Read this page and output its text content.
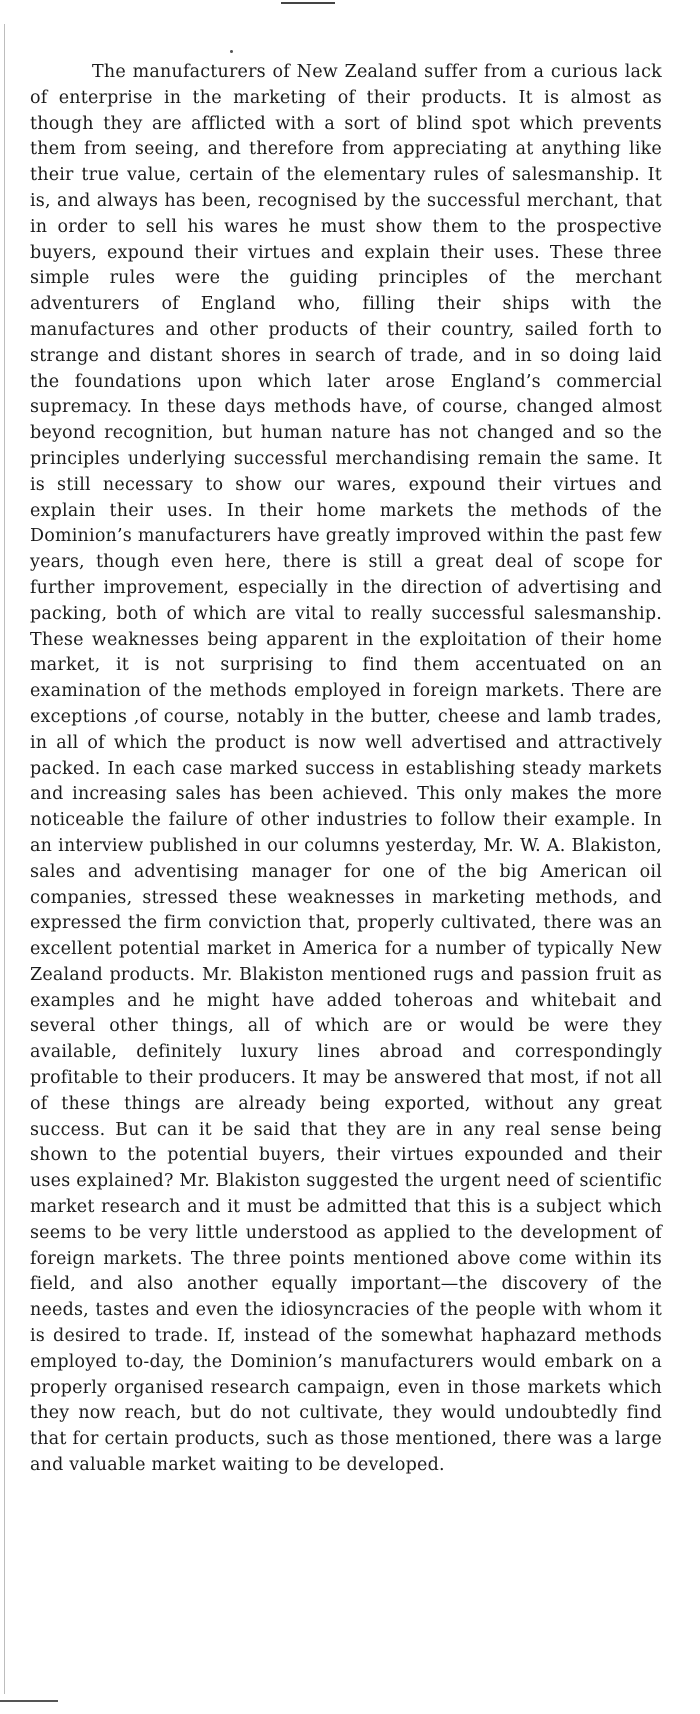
The manufacturers of New Zealand suffer from a curious lack of enterprise in the marketing of their products. It is almost as though they are afflicted with a sort of blind spot which prevents them from seeing, and therefore from appreciating at anything like their true value, certain of the elementary rules of salesmanship. It is, and always has been, recognised by the successful merchant, that in order to sell his wares he must show them to the prospective buyers, expound their virtues and explain their uses. These three simple rules were the guiding principles of the merchant adventurers of England who, filling their ships with the manufactures and other products of their country, sailed forth to strange and distant shores in search of trade, and in so doing laid the foundations upon which later arose England’s commercial supremacy. In these days methods have, of course, changed almost beyond recognition, but human nature has not changed and so the principles underlying successful merchandising remain the same. It is still necessary to show our wares, expound their virtues and explain their uses. In their home markets the methods of the Dominion’s manufacturers have greatly improved within the past few years, though even here, there is still a great deal of scope for further improvement, especially in the direction of advertising and packing, both of which are vital to really successful salesmanship. These weaknesses being apparent in the exploitation of their home market, it is not surprising to find them accentuated on an examination of the methods employed in foreign markets. There are exceptions ,of course, notably in the butter, cheese and lamb trades, in all of which the product is now well advertised and attractively packed. In each case marked success in establishing steady markets and increasing sales has been achieved. This only makes the more noticeable the failure of other industries to follow their example. In an interview published in our columns yesterday, Mr. W. A. Blakiston, sales and adventising manager for one of the big American oil companies, stressed these weaknesses in marketing methods, and expressed the firm conviction that, properly cultivated, there was an excellent potential market in America for a number of typically New Zealand products. Mr. Blakiston mentioned rugs and passion fruit as examples and he might have added toheroas and whitebait and several other things, all of which are or would be were they available, definitely luxury lines abroad and correspondingly profitable to their producers. It may be answered that most, if not all of these things are already being exported, without any great success. But can it be said that they are in any real sense being shown to the potential buyers, their virtues expounded and their uses explained? Mr. Blakiston suggested the urgent need of scientific market research and it must be admitted that this is a subject which seems to be very little understood as applied to the development of foreign markets. The three points mentioned above come within its field, and also another equally important—the discovery of the needs, tastes and even the idiosyncracies of the people with whom it is desired to trade. If, instead of the somewhat haphazard methods employed to-day, the Dominion’s manufacturers would embark on a properly organised research campaign, even in those markets which they now reach, but do not cultivate, they would undoubtedly find that for certain products, such as those mentioned, there was a large and valuable market waiting to be developed.
